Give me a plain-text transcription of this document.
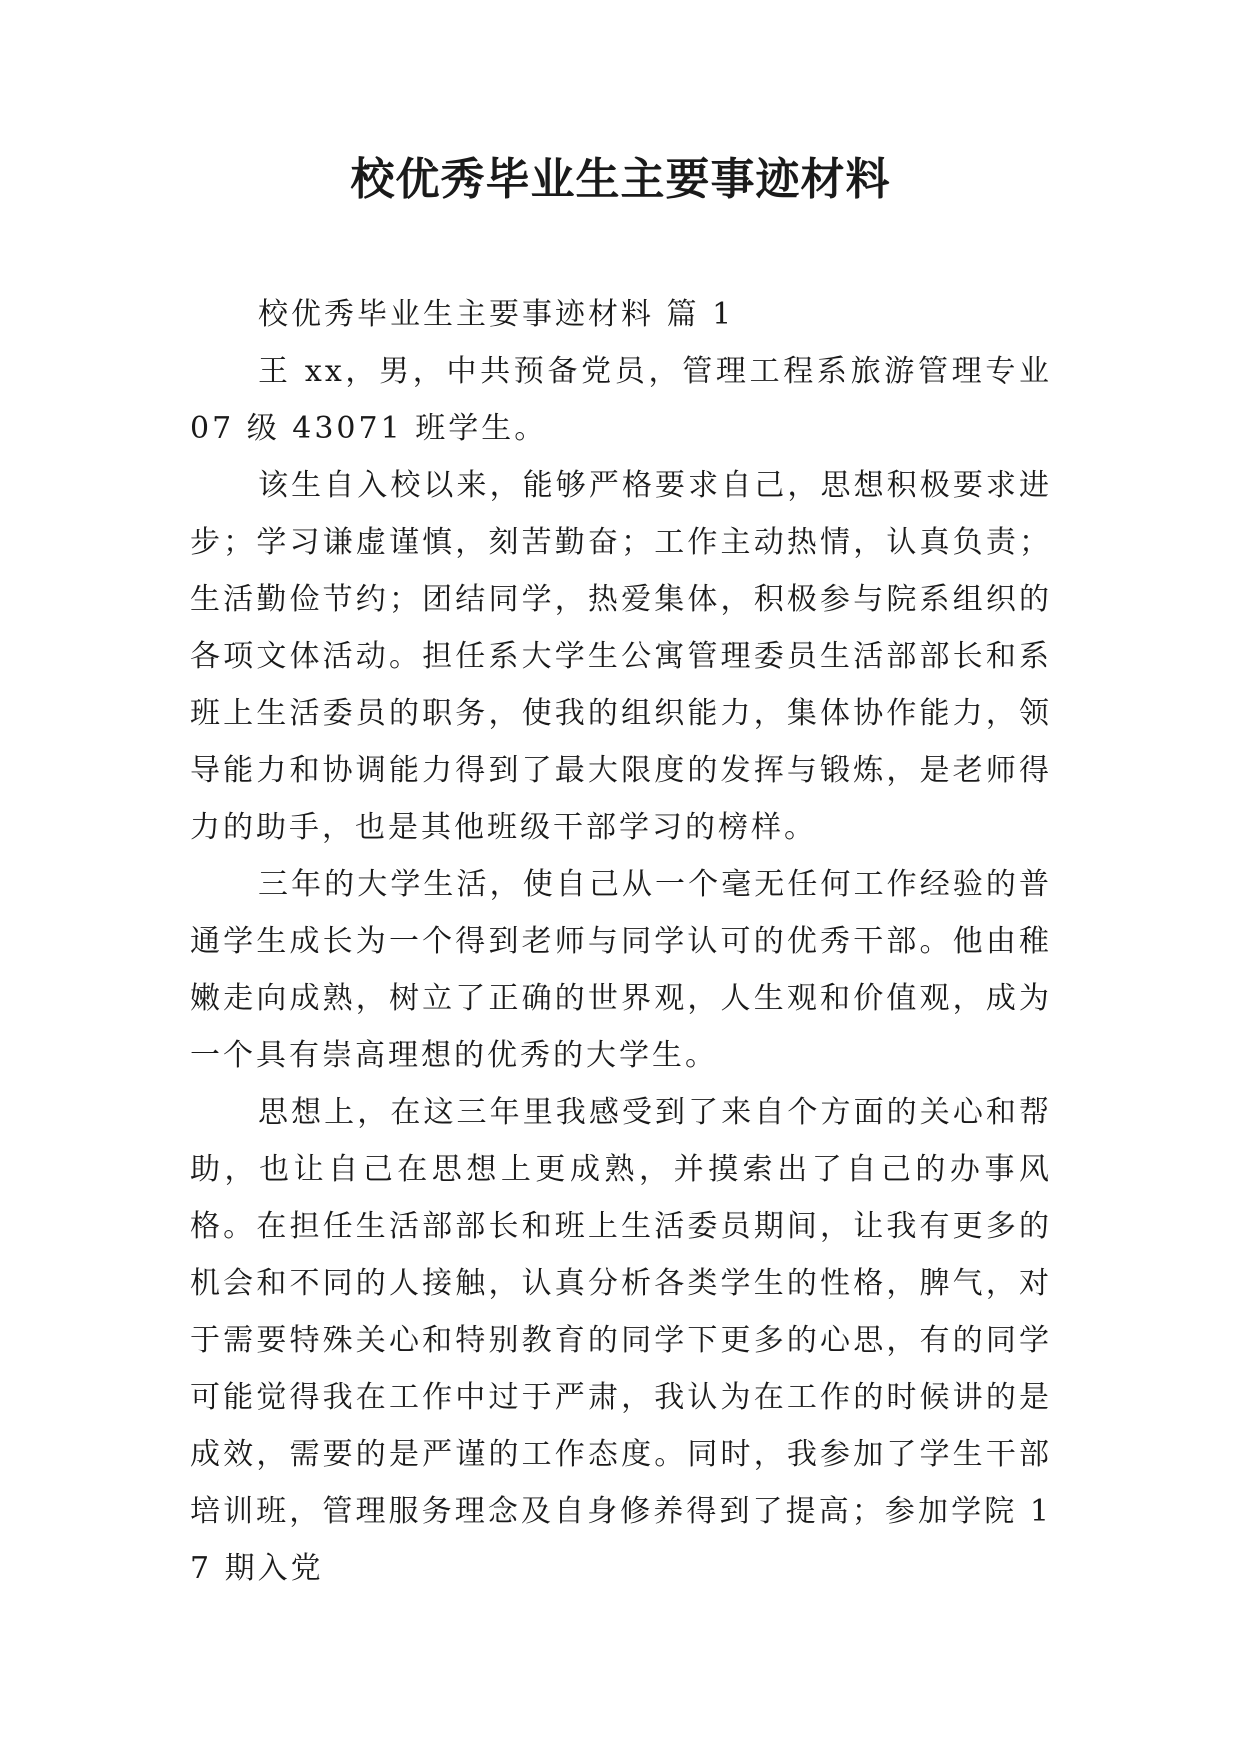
校优秀毕业生主要事迹材料

校优秀毕业生主要事迹材料 篇 1

王 xx，男，中共预备党员，管理工程系旅游管理专业 07 级 43071 班学生。

该生自入校以来，能够严格要求自己，思想积极要求进步；学习谦虚谨慎，刻苦勤奋；工作主动热情，认真负责；生活勤俭节约；团结同学，热爱集体，积极参与院系组织的各项文体活动。担任系大学生公寓管理委员生活部部长和系班上生活委员的职务，使我的组织能力，集体协作能力，领导能力和协调能力得到了最大限度的发挥与锻炼，是老师得力的助手，也是其他班级干部学习的榜样。

三年的大学生活，使自己从一个毫无任何工作经验的普通学生成长为一个得到老师与同学认可的优秀干部。他由稚嫩走向成熟，树立了正确的世界观，人生观和价值观，成为一个具有崇高理想的优秀的大学生。

思想上，在这三年里我感受到了来自个方面的关心和帮助，也让自己在思想上更成熟，并摸索出了自己的办事风格。在担任生活部部长和班上生活委员期间，让我有更多的机会和不同的人接触，认真分析各类学生的性格，脾气，对于需要特殊关心和特别教育的同学下更多的心思，有的同学可能觉得我在工作中过于严肃，我认为在工作的时候讲的是成效，需要的是严谨的工作态度。同时，我参加了学生干部培训班，管理服务理念及自身修养得到了提高；参加学院 17 期入党
